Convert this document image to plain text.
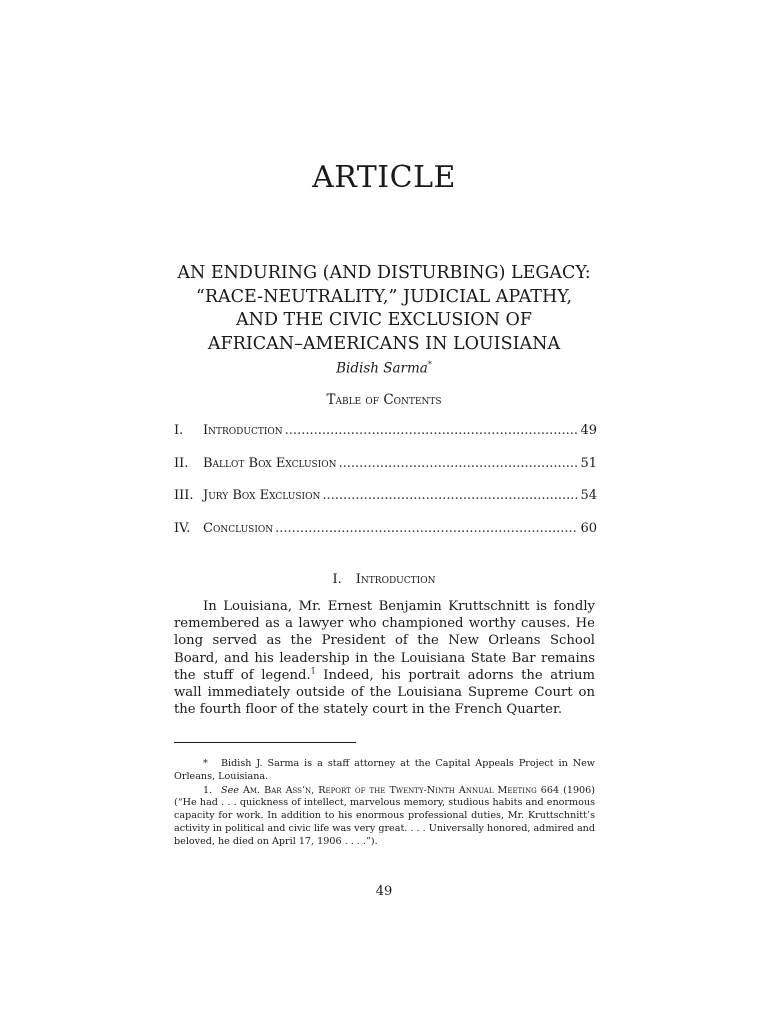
ARTICLE
AN ENDURING (AND DISTURBING) LEGACY:
“RACE-NEUTRALITY,” JUDICIAL APATHY,
AND THE CIVIC EXCLUSION OF
AFRICAN–AMERICANS IN LOUISIANA
Bidish Sarma*
Table of Contents
I.	Introduction .....	49
II.	Ballot Box Exclusion .....	51
III. Jury Box Exclusion .....	54
IV. Conclusion .....	60
I. Introduction

In Louisiana, Mr. Ernest Benjamin Kruttschnitt is fondly remembered as a lawyer who championed worthy causes. He long served as the President of the New Orleans School Board, and his leadership in the Louisiana State Bar remains the stuff of legend.$^1$ Indeed, his portrait adorns the atrium wall immediately outside of the Louisiana Supreme Court on the fourth floor of the stately court in the French Quarter.

* Bidish J. Sarma is a staff attorney at the Capital Appeals Project in New Orleans, Louisiana.

1. See Am. Bar Ass’n, Report of the Twenty-Ninth Annual Meeting 664 (1906) (“He had . . . quickness of intellect, marvelous memory, studious habits and enormous capacity for work. In addition to his enormous professional duties, Mr. Kruttschnitt’s activity in political and civic life was very great. . . . Universally honored, admired and beloved, he died on April 17, 1906 . . . .”).

49
